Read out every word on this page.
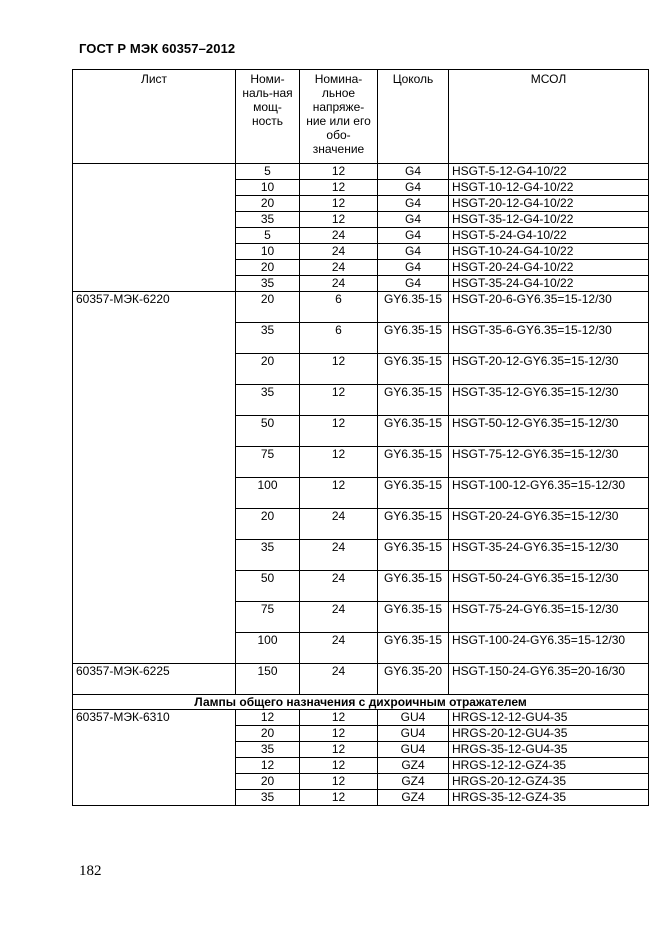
ГОСТ Р МЭК 60357–2012
Лист	Номи-наль-ная мощ-ность	Номина-льное напряже-ние или его обо-значение	Цоколь	МСОЛ
	5	12	G4	HSGT-5-12-G4-10/22
	10	12	G4	HSGT-10-12-G4-10/22
	20	12	G4	HSGT-20-12-G4-10/22
	35	12	G4	HSGT-35-12-G4-10/22
	5	24	G4	HSGT-5-24-G4-10/22
	10	24	G4	HSGT-10-24-G4-10/22
	20	24	G4	HSGT-20-24-G4-10/22
	35	24	G4	HSGT-35-24-G4-10/22
60357-МЭК-6220	20	6	GY6.35-15	HSGT-20-6-GY6.35=15-12/30
	35	6	GY6.35-15	HSGT-35-6-GY6.35=15-12/30
	20	12	GY6.35-15	HSGT-20-12-GY6.35=15-12/30
	35	12	GY6.35-15	HSGT-35-12-GY6.35=15-12/30
	50	12	GY6.35-15	HSGT-50-12-GY6.35=15-12/30
	75	12	GY6.35-15	HSGT-75-12-GY6.35=15-12/30
	100	12	GY6.35-15	HSGT-100-12-GY6.35=15-12/30
	20	24	GY6.35-15	HSGT-20-24-GY6.35=15-12/30
	35	24	GY6.35-15	HSGT-35-24-GY6.35=15-12/30
	50	24	GY6.35-15	HSGT-50-24-GY6.35=15-12/30
	75	24	GY6.35-15	HSGT-75-24-GY6.35=15-12/30
	100	24	GY6.35-15	HSGT-100-24-GY6.35=15-12/30
60357-МЭК-6225	150	24	GY6.35-20	HSGT-150-24-GY6.35=20-16/30
Лампы общего назначения с дихроичным отражателем				
60357-МЭК-6310	12	12	GU4	HRGS-12-12-GU4-35
	20	12	GU4	HRGS-20-12-GU4-35
	35	12	GU4	HRGS-35-12-GU4-35
	12	12	GZ4	HRGS-12-12-GZ4-35
	20	12	GZ4	HRGS-20-12-GZ4-35
	35	12	GZ4	HRGS-35-12-GZ4-35
182
